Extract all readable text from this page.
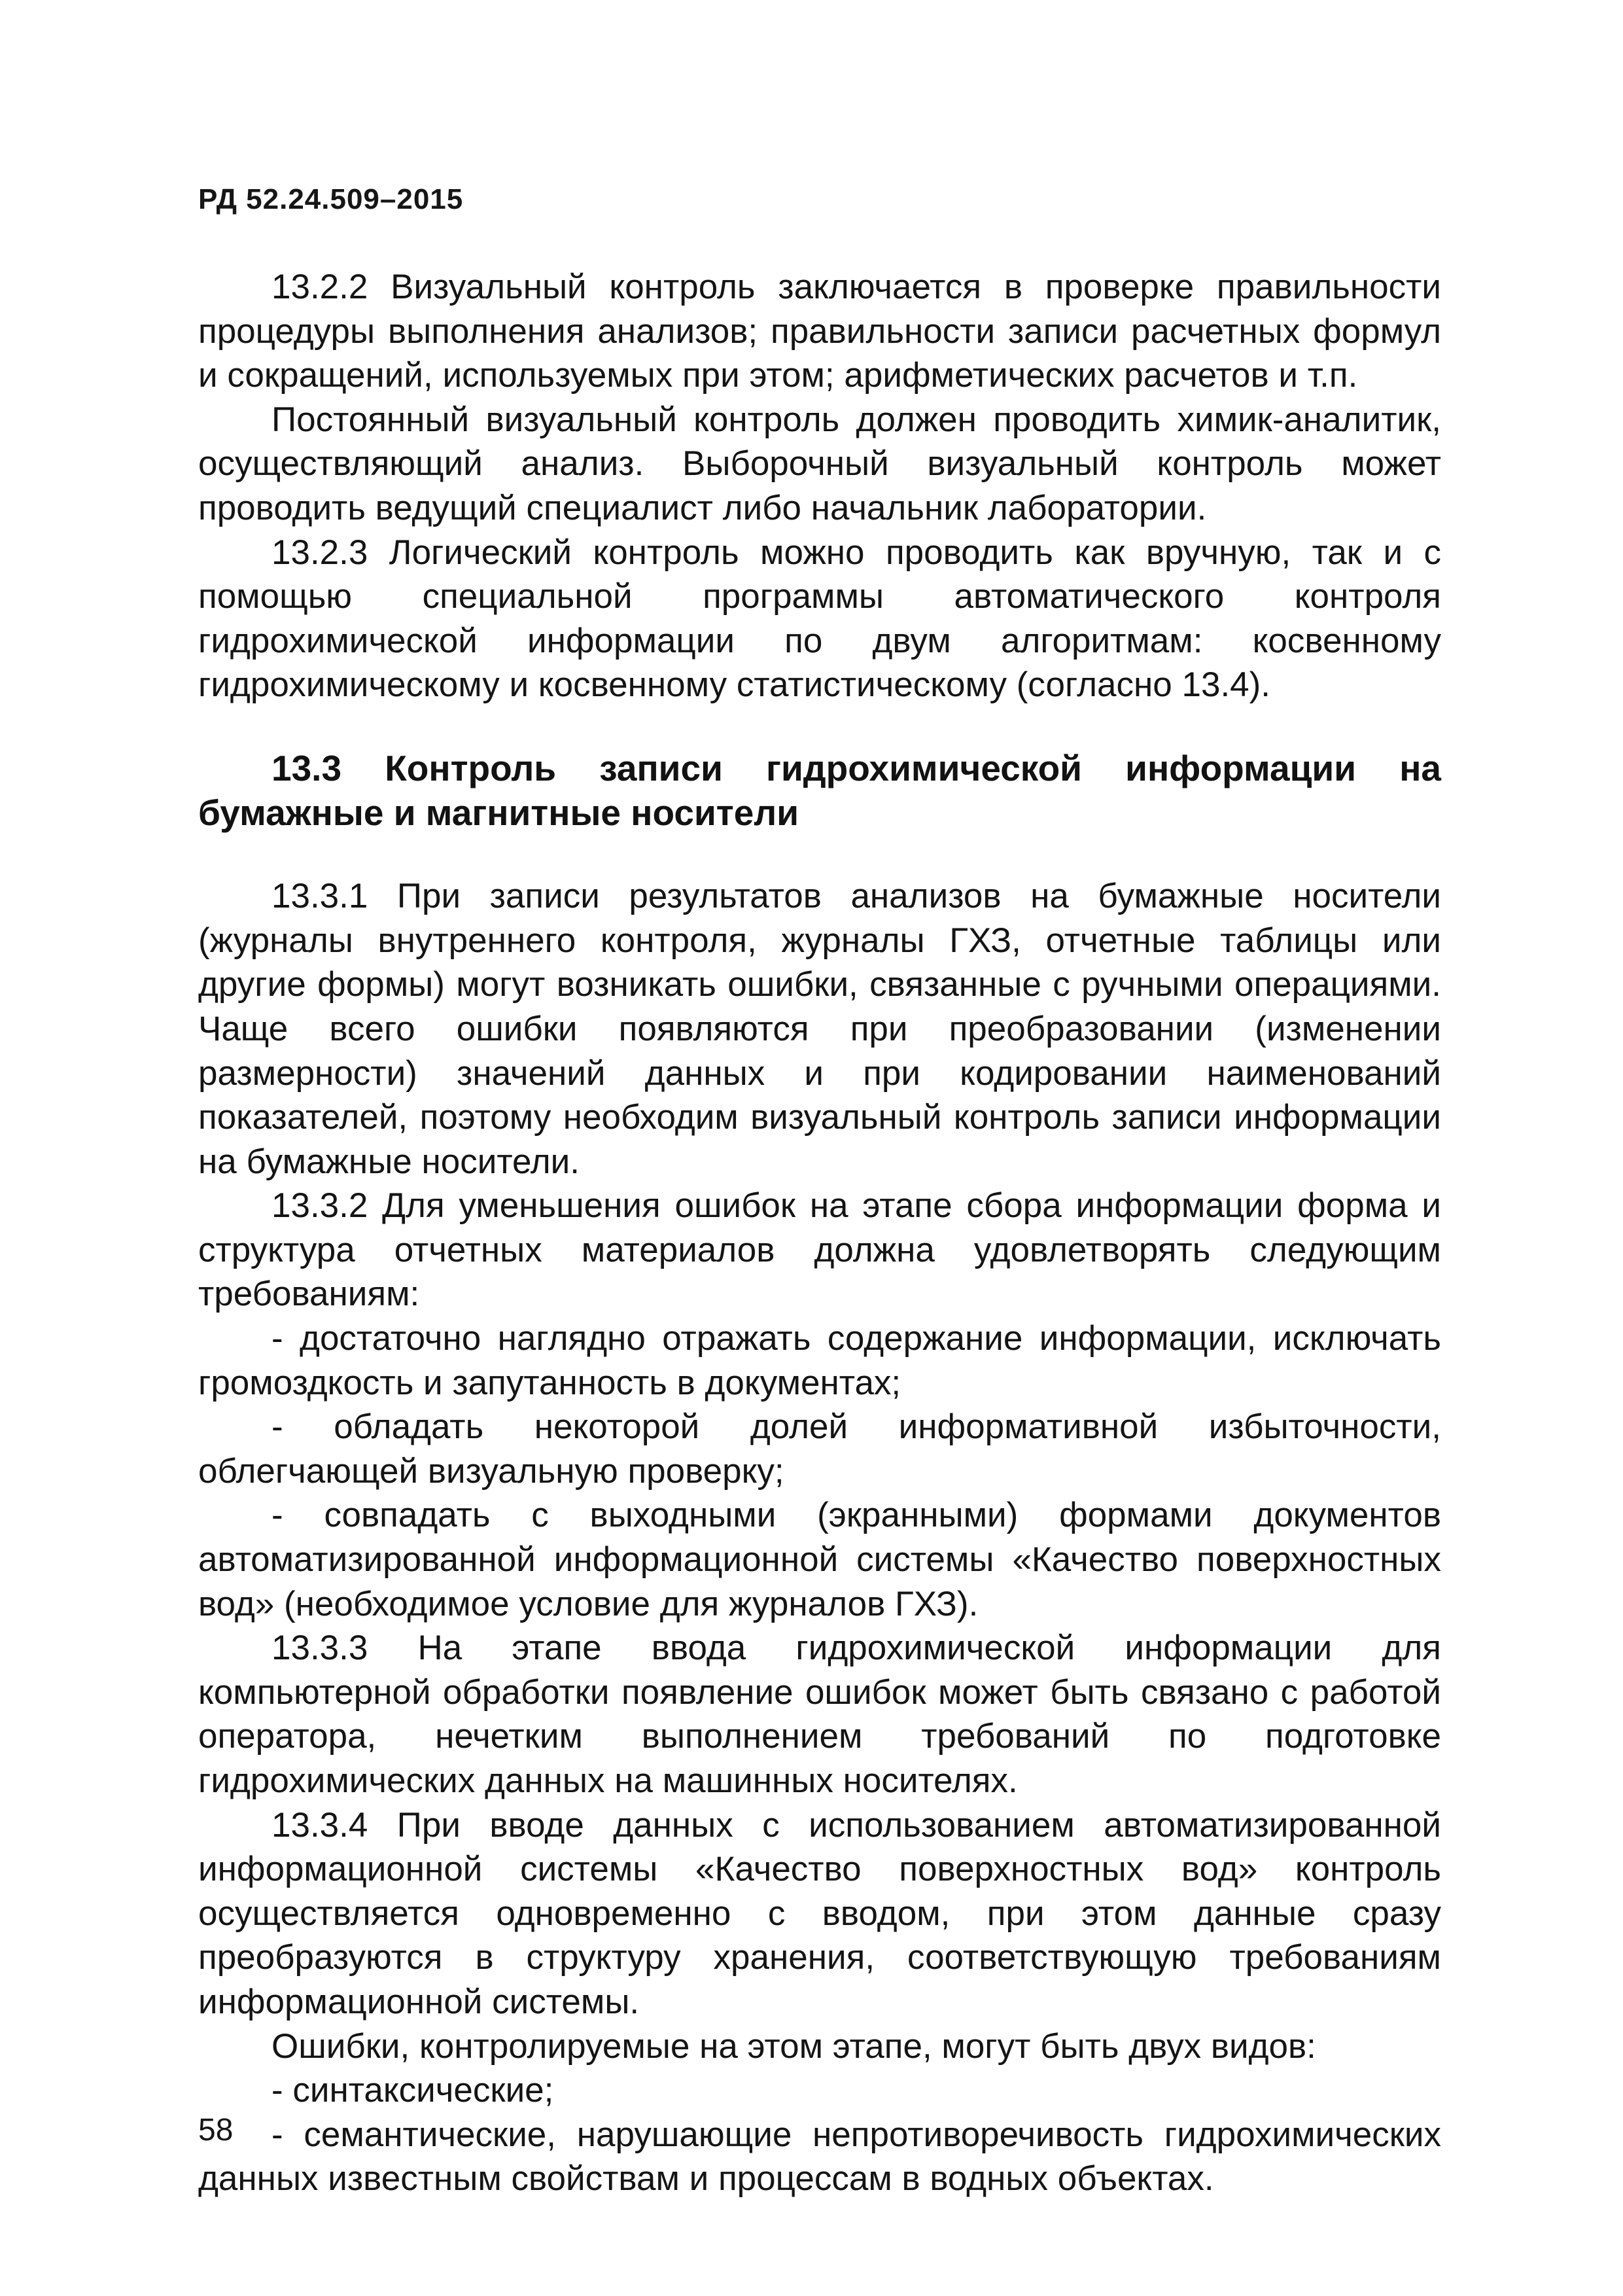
РД 52.24.509–2015

13.2.2 Визуальный контроль заключается в проверке правильности процедуры выполнения анализов; правильности записи расчетных формул и сокращений, используемых при этом; арифметических расчетов и т.п.

Постоянный визуальный контроль должен проводить химик-аналитик, осуществляющий анализ. Выборочный визуальный контроль может проводить ведущий специалист либо начальник лаборатории.

13.2.3 Логический контроль можно проводить как вручную, так и с помощью специальной программы автоматического контроля гидрохимической информации по двум алгоритмам: косвенному гидрохимическому и косвенному статистическому (согласно 13.4).

13.3 Контроль записи гидрохимической информации на бумажные и магнитные носители

13.3.1 При записи результатов анализов на бумажные носители (журналы внутреннего контроля, журналы ГХЗ, отчетные таблицы или другие формы) могут возникать ошибки, связанные с ручными операциями. Чаще всего ошибки появляются при преобразовании (изменении размерности) значений данных и при кодировании наименований показателей, поэтому необходим визуальный контроль записи информации на бумажные носители.

13.3.2 Для уменьшения ошибок на этапе сбора информации форма и структура отчетных материалов должна удовлетворять следующим требованиям:

- достаточно наглядно отражать содержание информации, исключать громоздкость и запутанность в документах;

- обладать некоторой долей информативной избыточности, облегчающей визуальную проверку;

- совпадать с выходными (экранными) формами документов автоматизированной информационной системы «Качество поверхностных вод» (необходимое условие для журналов ГХЗ).

13.3.3 На этапе ввода гидрохимической информации для компьютерной обработки появление ошибок может быть связано с работой оператора, нечетким выполнением требований по подготовке гидрохимических данных на машинных носителях.

13.3.4 При вводе данных с использованием автоматизированной информационной системы «Качество поверхностных вод» контроль осуществляется одновременно с вводом, при этом данные сразу преобразуются в структуру хранения, соответствующую требованиям информационной системы.

Ошибки, контролируемые на этом этапе, могут быть двух видов:

- синтаксические;

- семантические, нарушающие непротиворечивость гидрохимических данных известным свойствам и процессам в водных объектах.

58
